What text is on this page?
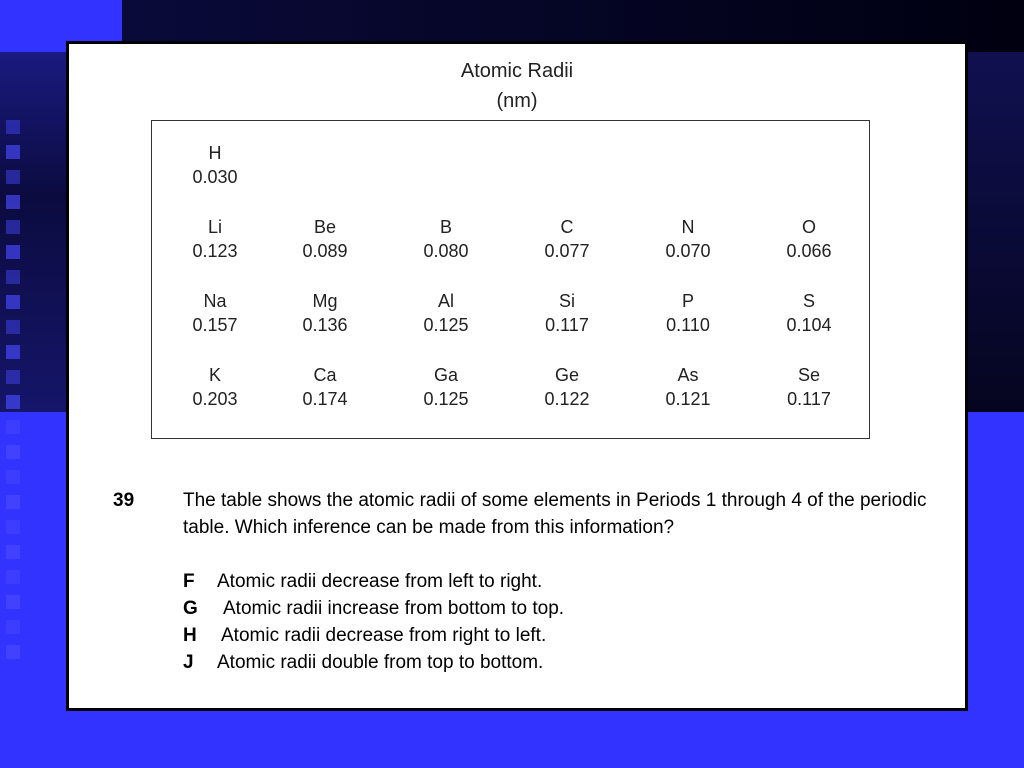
Atomic Radii
(nm)
H
0.030
Li
0.123
Be
0.089
B
0.080
C
0.077
N
0.070
O
0.066
Na
0.157
Mg
0.136
Al
0.125
Si
0.117
P
0.110
S
0.104
K
0.203
Ca
0.174
Ga
0.125
Ge
0.122
As
0.121
Se
0.117
39	The table shows the atomic radii of some elements in Periods 1 through 4 of the periodic table. Which inference can be made from this information?
F Atomic radii decrease from left to right.
G Atomic radii increase from bottom to top.
H Atomic radii decrease from right to left.
J Atomic radii double from top to bottom.
